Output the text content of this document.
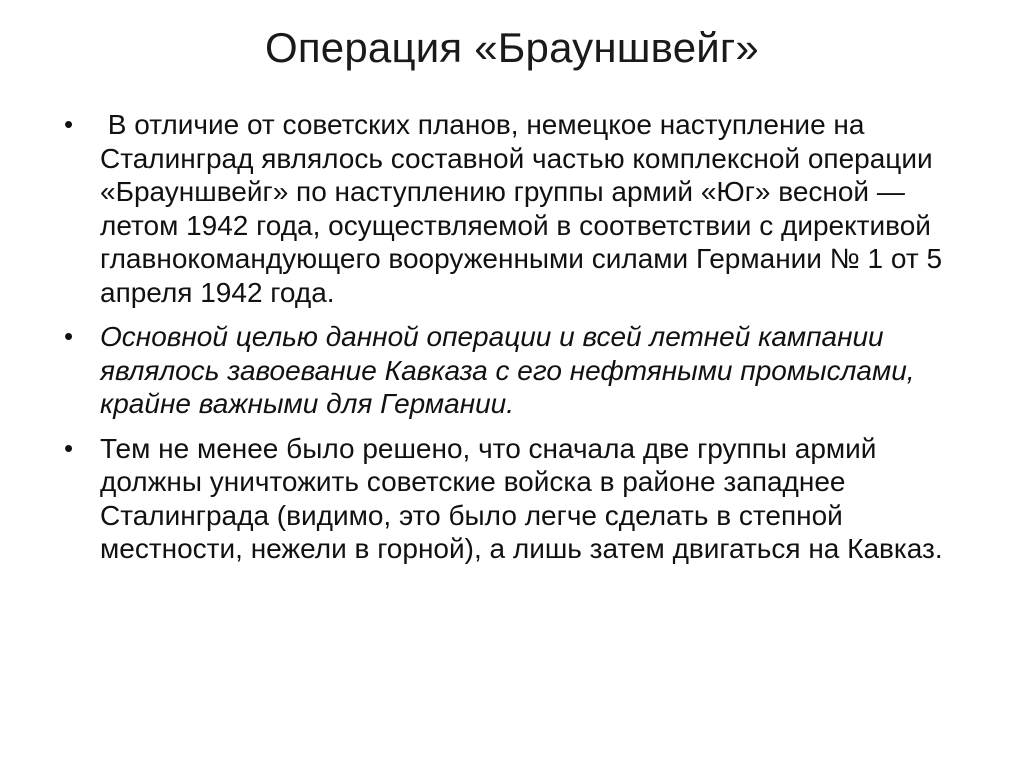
Операция «Брауншвейг»
• В отличие от советских планов, немецкое наступление на Сталинград являлось составной частью комплексной операции «Брауншвейг» по наступлению группы армий «Юг» весной — летом 1942 года, осуществляемой в соответствии с директивой главнокомандующего вооруженными силами Германии № 1 от 5 апреля 1942 года.
• Основной целью данной операции и всей летней кампании являлось завоевание Кавказа с его нефтяными промыслами, крайне важными для Германии.
• Тем не менее было решено, что сначала две группы армий должны уничтожить советские войска в районе западнее Сталинграда (видимо, это было легче сделать в степной местности, нежели в горной), а лишь затем двигаться на Кавказ.
